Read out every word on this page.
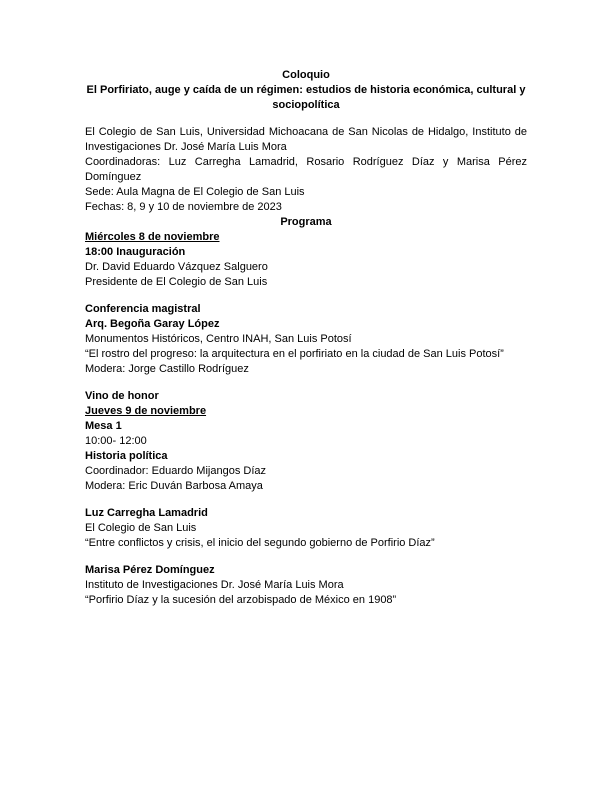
Coloquio

El Porfiriato, auge y caída de un régimen: estudios de historia económica, cultural y sociopolítica

El Colegio de San Luis, Universidad Michoacana de San Nicolas de Hidalgo, Instituto de Investigaciones Dr. José María Luis Mora

Coordinadoras: Luz Carregha Lamadrid, Rosario Rodríguez Díaz y Marisa Pérez Domínguez

Sede: Aula Magna de El Colegio de San Luis

Fechas: 8, 9 y 10 de noviembre de 2023

Programa

Miércoles 8 de noviembre

18:00 Inauguración

Dr. David Eduardo Vázquez Salguero

Presidente de El Colegio de San Luis

Conferencia magistral

Arq. Begoña Garay López

Monumentos Históricos, Centro INAH, San Luis Potosí

“El rostro del progreso: la arquitectura en el porfiriato en la ciudad de San Luis Potosí”

Modera: Jorge Castillo Rodríguez

Vino de honor

Jueves 9 de noviembre

Mesa 1

10:00- 12:00

Historia política

Coordinador: Eduardo Mijangos Díaz

Modera: Eric Duván Barbosa Amaya

Luz Carregha Lamadrid

El Colegio de San Luis

“Entre conflictos y crisis, el inicio del segundo gobierno de Porfirio Díaz”

Marisa Pérez Domínguez

Instituto de Investigaciones Dr. José María Luis Mora

“Porfirio Díaz y la sucesión del arzobispado de México en 1908”
